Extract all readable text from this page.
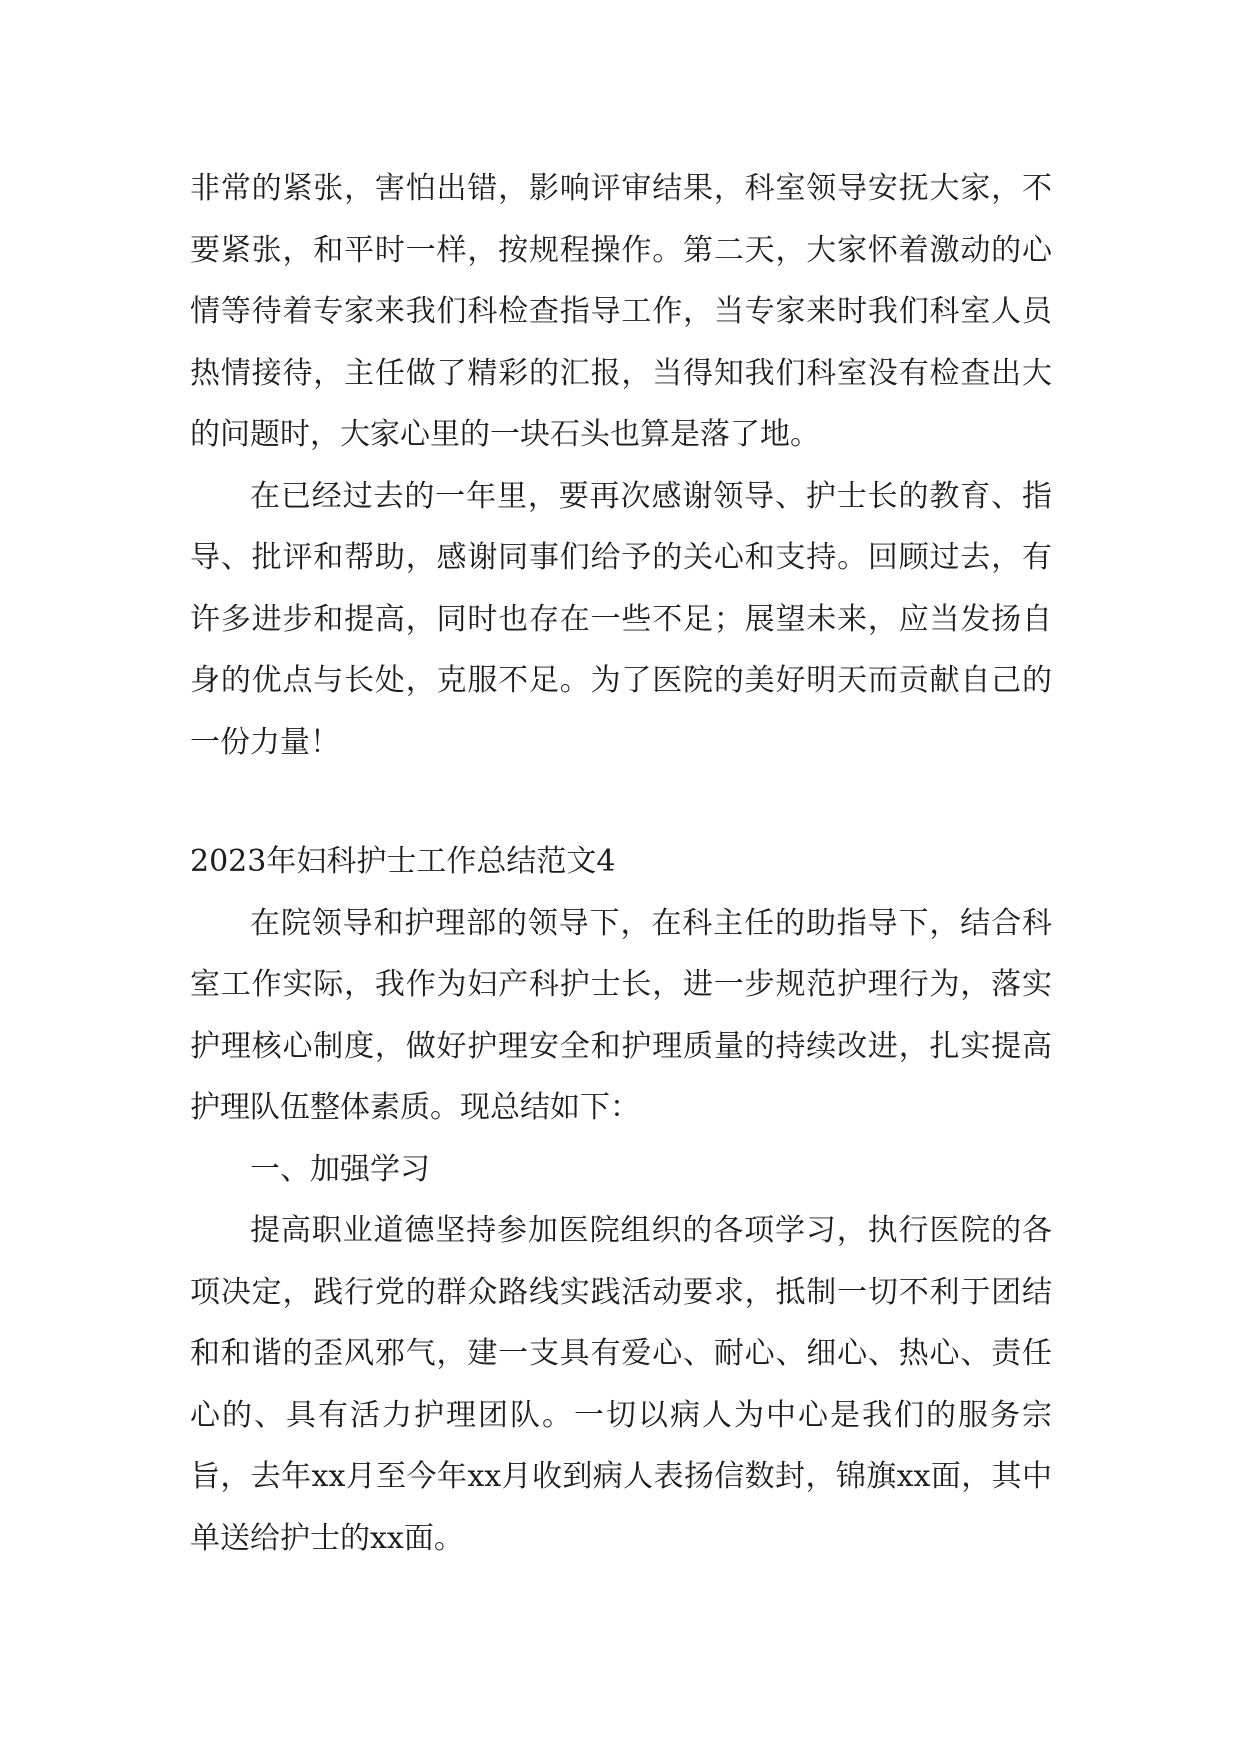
非常的紧张，害怕出错，影响评审结果，科室领导安抚大家，不要紧张，和平时一样，按规程操作。第二天，大家怀着激动的心情等待着专家来我们科检查指导工作，当专家来时我们科室人员热情接待，主任做了精彩的汇报，当得知我们科室没有检查出大的问题时，大家心里的一块石头也算是落了地。

在已经过去的一年里，要再次感谢领导、护士长的教育、指导、批评和帮助，感谢同事们给予的关心和支持。回顾过去，有许多进步和提高，同时也存在一些不足；展望未来，应当发扬自身的优点与长处，克服不足。为了医院的美好明天而贡献自己的一份力量！

2023年妇科护士工作总结范文4

在院领导和护理部的领导下，在科主任的助指导下，结合科室工作实际，我作为妇产科护士长，进一步规范护理行为，落实护理核心制度，做好护理安全和护理质量的持续改进，扎实提高护理队伍整体素质。现总结如下：

一、加强学习

提高职业道德坚持参加医院组织的各项学习，执行医院的各项决定，践行党的群众路线实践活动要求，抵制一切不利于团结和和谐的歪风邪气，建一支具有爱心、耐心、细心、热心、责任心的、具有活力护理团队。一切以病人为中心是我们的服务宗旨，去年xx月至今年xx月收到病人表扬信数封，锦旗xx面，其中单送给护士的xx面。
